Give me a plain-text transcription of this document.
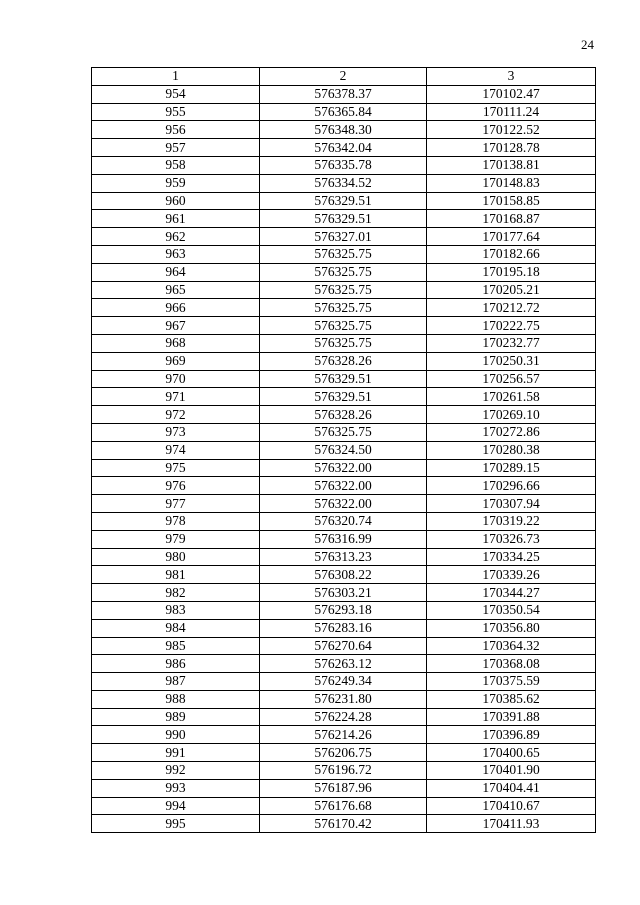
24
1	2	3
954	576378.37	170102.47
955	576365.84	170111.24
956	576348.30	170122.52
957	576342.04	170128.78
958	576335.78	170138.81
959	576334.52	170148.83
960	576329.51	170158.85
961	576329.51	170168.87
962	576327.01	170177.64
963	576325.75	170182.66
964	576325.75	170195.18
965	576325.75	170205.21
966	576325.75	170212.72
967	576325.75	170222.75
968	576325.75	170232.77
969	576328.26	170250.31
970	576329.51	170256.57
971	576329.51	170261.58
972	576328.26	170269.10
973	576325.75	170272.86
974	576324.50	170280.38
975	576322.00	170289.15
976	576322.00	170296.66
977	576322.00	170307.94
978	576320.74	170319.22
979	576316.99	170326.73
980	576313.23	170334.25
981	576308.22	170339.26
982	576303.21	170344.27
983	576293.18	170350.54
984	576283.16	170356.80
985	576270.64	170364.32
986	576263.12	170368.08
987	576249.34	170375.59
988	576231.80	170385.62
989	576224.28	170391.88
990	576214.26	170396.89
991	576206.75	170400.65
992	576196.72	170401.90
993	576187.96	170404.41
994	576176.68	170410.67
995	576170.42	170411.93
